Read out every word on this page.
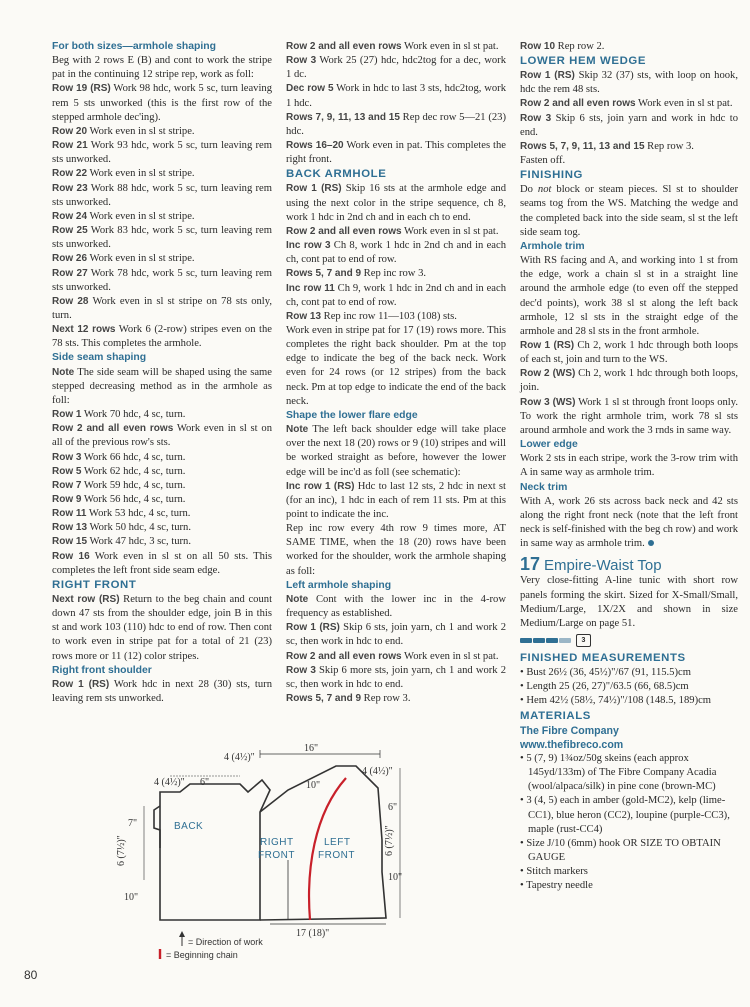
For both sizes—armhole shaping

Beg with 2 rows E (B) and cont to work the stripe pat in the continuing 12 stripe rep, work as foll:

Row 19 (RS) Work 98 hdc, work 5 sc, turn leaving rem 5 sts unworked (this is the first row of the stepped armhole dec'ing).

Row 20 Work even in sl st stripe.

Row 21 Work 93 hdc, work 5 sc, turn leaving rem sts unworked.

Row 22 Work even in sl st stripe.

Row 23 Work 88 hdc, work 5 sc, turn leaving rem sts unworked.

Row 24 Work even in sl st stripe.

Row 25 Work 83 hdc, work 5 sc, turn leaving rem sts unworked.

Row 26 Work even in sl st stripe.

Row 27 Work 78 hdc, work 5 sc, turn leaving rem sts unworked.

Row 28 Work even in sl st stripe on 78 sts only, turn.

Next 12 rows Work 6 (2-row) stripes even on the 78 sts. This completes the armhole.

Side seam shaping

Note The side seam will be shaped using the same stepped decreasing method as in the armhole as foll:

Row 1 Work 70 hdc, 4 sc, turn.

Row 2 and all even rows Work even in sl st on all of the previous row's sts.

Row 3 Work 66 hdc, 4 sc, turn.

Row 5 Work 62 hdc, 4 sc, turn.

Row 7 Work 59 hdc, 4 sc, turn.

Row 9 Work 56 hdc, 4 sc, turn.

Row 11 Work 53 hdc, 4 sc, turn.

Row 13 Work 50 hdc, 4 sc, turn.

Row 15 Work 47 hdc, 3 sc, turn.

Row 16 Work even in sl st on all 50 sts. This completes the left front side seam edge.

RIGHT FRONT

Next row (RS) Return to the beg chain and count down 47 sts from the shoulder edge, join B in this st and work 103 (110) hdc to end of row. Then cont to work even in stripe pat for a total of 21 (23) rows more or 11 (12) color stripes.

Right front shoulder

Row 1 (RS) Work hdc in next 28 (30) sts, turn leaving rem sts unworked.

Row 2 and all even rows Work even in sl st pat.

Row 3 Work 25 (27) hdc, hdc2tog for a dec, work 1 dc.

Dec row 5 Work in hdc to last 3 sts, hdc2tog, work 1 hdc.

Rows 7, 9, 11, 13 and 15 Rep dec row 5—21 (23) hdc.

Rows 16–20 Work even in pat. This completes the right front.

BACK ARMHOLE

Row 1 (RS) Skip 16 sts at the armhole edge and using the next color in the stripe sequence, ch 8, work 1 hdc in 2nd ch and in each ch to end.

Row 2 and all even rows Work even in sl st pat.

Inc row 3 Ch 8, work 1 hdc in 2nd ch and in each ch, cont pat to end of row.

Rows 5, 7 and 9 Rep inc row 3.

Inc row 11 Ch 9, work 1 hdc in 2nd ch and in each ch, cont pat to end of row.

Row 13 Rep inc row 11—103 (108) sts.

Work even in stripe pat for 17 (19) rows more. This completes the right back shoulder. Pm at the top edge to indicate the beg of the back neck. Work even for 24 rows (or 12 stripes) from the back neck. Pm at top edge to indicate the end of the back neck.

Shape the lower flare edge

Note The left back shoulder edge will take place over the next 18 (20) rows or 9 (10) stripes and will be worked straight as before, however the lower edge will be inc'd as foll (see schematic):

Inc row 1 (RS) Hdc to last 12 sts, 2 hdc in next st (for an inc), 1 hdc in each of rem 11 sts. Pm at this point to indicate the inc.

Rep inc row every 4th row 9 times more, AT SAME TIME, when the 18 (20) rows have been worked for the shoulder, work the armhole shaping as foll:

Left armhole shaping

Note Cont with the lower inc in the 4-row frequency as established.

Row 1 (RS) Skip 6 sts, join yarn, ch 1 and work 2 sc, then work in hdc to end.

Row 2 and all even rows Work even in sl st pat.

Row 3 Skip 6 more sts, join yarn, ch 1 and work 2 sc, then work in hdc to end.

Rows 5, 7 and 9 Rep row 3.

Row 10 Rep row 2.

LOWER HEM WEDGE

Row 1 (RS) Skip 32 (37) sts, with loop on hook, hdc the rem 48 sts.

Row 2 and all even rows Work even in sl st pat.

Row 3 Skip 6 sts, join yarn and work in hdc to end.

Rows 5, 7, 9, 11, 13 and 15 Rep row 3.

Fasten off.

FINISHING

Do not block or steam pieces. Sl st to shoulder seams tog from the WS. Matching the wedge and the completed back into the side seam, sl st the left side seam tog.

Armhole trim

With RS facing and A, and working into 1 st from the edge, work a chain sl st in a straight line around the armhole edge (to even off the stepped dec'd points), work 38 sl st along the left back armhole, 12 sl sts in the straight edge of the armhole and 28 sl sts in the front armhole.

Row 1 (RS) Ch 2, work 1 hdc through both loops of each st, join and turn to the WS.

Row 2 (WS) Ch 2, work 1 hdc through both loops, join.

Row 3 (WS) Work 1 sl st through front loops only. To work the right armhole trim, work 78 sl sts around armhole and work the 3 rnds in same way.

Lower edge

Work 2 sts in each stripe, work the 3-row trim with A in same way as armhole trim.

Neck trim

With A, work 26 sts across back neck and 42 sts along the right front neck (note that the left front neck is self-finished with the beg ch row) and work in same way as armhole trim.

17 Empire-Waist Top

Very close-fitting A-line tunic with short row panels forming the skirt. Sized for X-Small/Small, Medium/Large, 1X/2X and shown in size Medium/Large on page 51.

3

FINISHED MEASUREMENTS

• Bust 26½ (36, 45½)"/67 (91, 115.5)cm
• Length 25 (26, 27)"/63.5 (66, 68.5)cm
• Hem 42½ (58½, 74½)"/108 (148.5, 189)cm

MATERIALS

The Fibre Company

www.thefibreco.com

• 5 (7, 9) 1¾oz/50g skeins (each approx 145yd/133m) of The Fibre Company Acadia (wool/alpaca/silk) in pine cone (brown-MC)
• 3 (4, 5) each in amber (gold-MC2), kelp (lime-CC1), blue heron (CC2), loupine (purple-CC3), maple (rust-CC4)
• Size J/10 (6mm) hook OR SIZE TO OBTAIN GAUGE
• Stitch markers
• Tapestry needle
16"
4 (4½)"
4 (4½)"
4 (4½)" 6"
7"
6 (7½)"
10"
10"
6"
6 (7½)"
10"
17 (18)"
BACK
RIGHT
FRONT
LEFT
FRONT
= Direction of work
= Beginning chain
80
